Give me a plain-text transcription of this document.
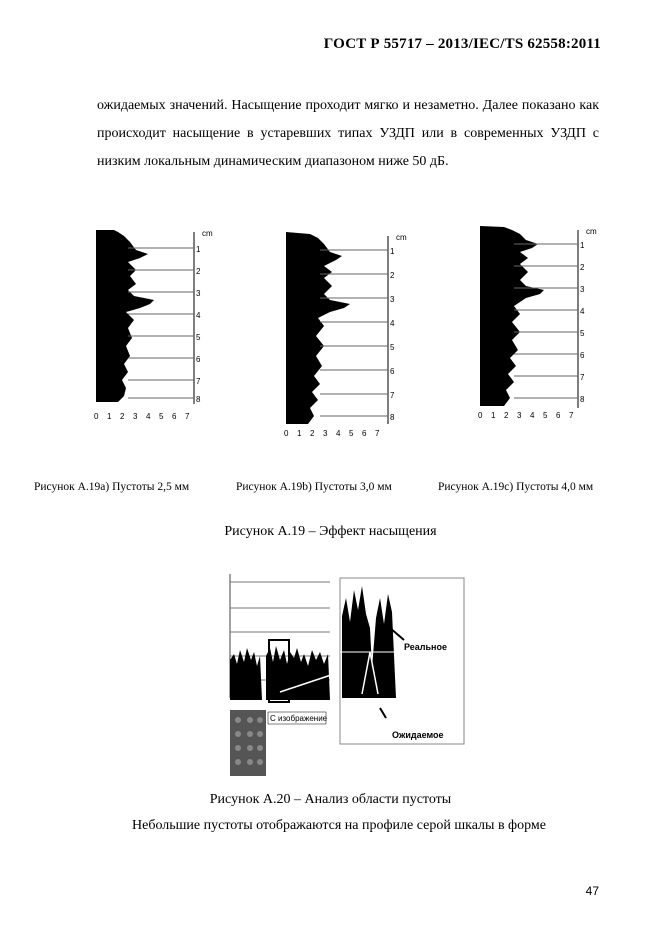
ГОСТ Р 55717 – 2013/IEC/TS 62558:2011
ожидаемых значений. Насыщение проходит мягко и незаметно. Далее показано как происходит насыщение в устаревших типах УЗДП или в современных УЗДП с низким локальным динамическим диапазоном ниже 50 дБ.
cm
1
2
3
4
5
6
7
8
0 1 2 3 4 5 6 7
cm
1
2
3
4
5
6
7
8
0 1 2 3 4 5 6 7
cm
1
2
3
4
5
6
7
8
0 1 2 3 4 5 6 7
Рисунок А.19a) Пустоты 2,5 мм	Рисунок А.19b) Пустоты 3,0 мм	Рисунок А.19c) Пустоты 4,0 мм
Рисунок А.19 – Эффект насыщения
С изображение
Реальное
Ожидаемое
Рисунок А.20 – Анализ области пустоты
Небольшие пустоты отображаются на профиле серой шкалы в форме
47
